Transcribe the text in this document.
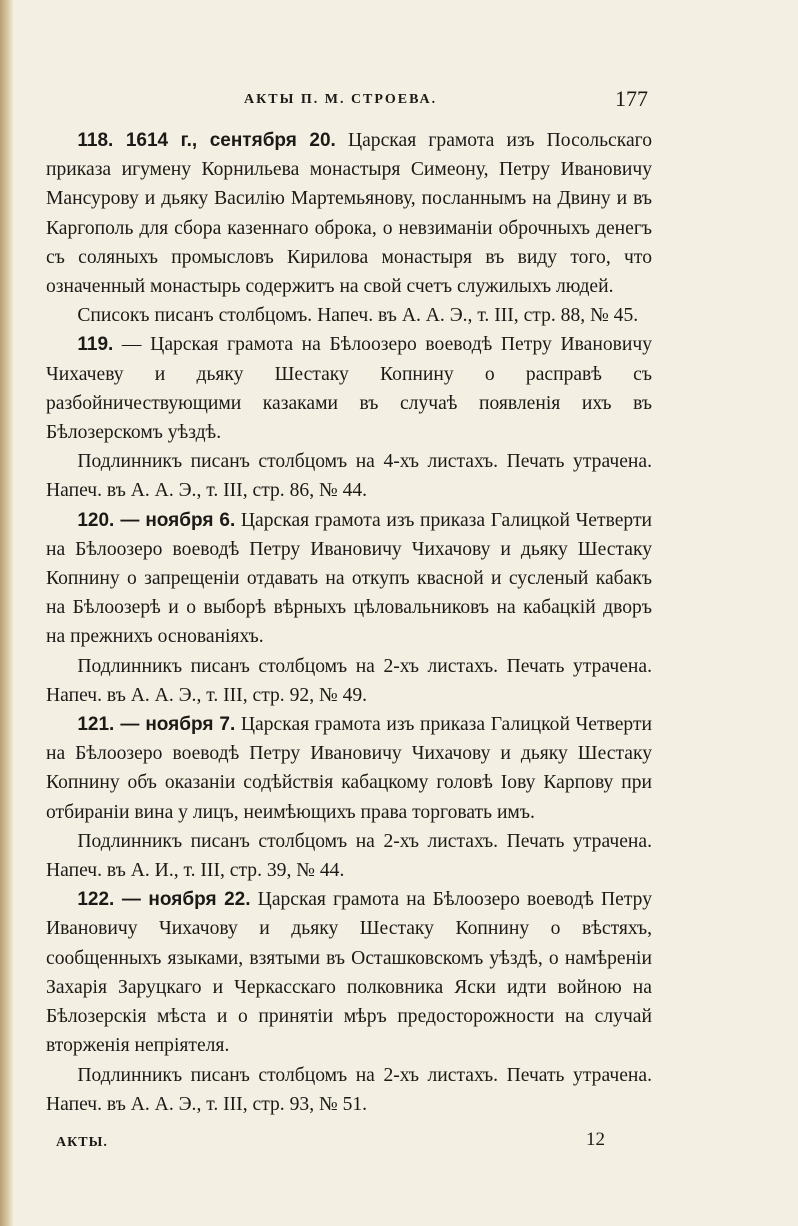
АКТЫ П. М. СТРОЕВА.	177

118. 1614 г., сентября 20. Царская грамота изъ Посольскаго приказа игумену Корнильева монастыря Симеону, Петру Ивановичу Мансурову и дьяку Василію Мартемьянову, посланнымъ на Двину и въ Каргополь для сбора казеннаго оброка, о невзиманіи оброчныхъ денегъ съ соляныхъ промысловъ Кирилова монастыря въ виду того, что означенный монастырь содержитъ на свой счетъ служилыхъ людей.

Списокъ писанъ столбцомъ. Напеч. въ А. А. Э., т. III, стр. 88, № 45.

119. — Царская грамота на Бѣлоозеро воеводѣ Петру Ивановичу Чихачеву и дьяку Шестаку Копнину о расправѣ съ разбойничествующими казаками въ случаѣ появленія ихъ въ Бѣлозерскомъ уѣздѣ.

Подлинникъ писанъ столбцомъ на 4-хъ листахъ. Печать утрачена. Напеч. въ А. А. Э., т. III, стр. 86, № 44.

120. — ноября 6. Царская грамота изъ приказа Галицкой Четверти на Бѣлоозеро воеводѣ Петру Ивановичу Чихачову и дьяку Шестаку Копнину о запрещеніи отдавать на откупъ квасной и сусленый кабакъ на Бѣлоозерѣ и о выборѣ вѣрныхъ цѣловальниковъ на кабацкій дворъ на прежнихъ основаніяхъ.

Подлинникъ писанъ столбцомъ на 2-хъ листахъ. Печать утрачена. Напеч. въ А. А. Э., т. III, стр. 92, № 49.

121. — ноября 7. Царская грамота изъ приказа Галицкой Четверти на Бѣлоозеро воеводѣ Петру Ивановичу Чихачову и дьяку Шестаку Копнину объ оказаніи содѣйствія кабацкому головѣ Іову Карпову при отбираніи вина у лицъ, неимѣющихъ права торговать имъ.

Подлинникъ писанъ столбцомъ на 2-хъ листахъ. Печать утрачена. Напеч. въ А. И., т. III, стр. 39, № 44.

122. — ноября 22. Царская грамота на Бѣлоозеро воеводѣ Петру Ивановичу Чихачову и дьяку Шестаку Копнину о вѣстяхъ, сообщенныхъ языками, взятыми въ Осташковскомъ уѣздѣ, о намѣреніи Захарія Заруцкаго и Черкасскаго полковника Яски идти войною на Бѣлозерскія мѣста и о принятіи мѣръ предосторожности на случай вторженія непріятеля.

Подлинникъ писанъ столбцомъ на 2-хъ листахъ. Печать утрачена. Напеч. въ А. А. Э., т. III, стр. 93, № 51.

АКТЫ.	12
